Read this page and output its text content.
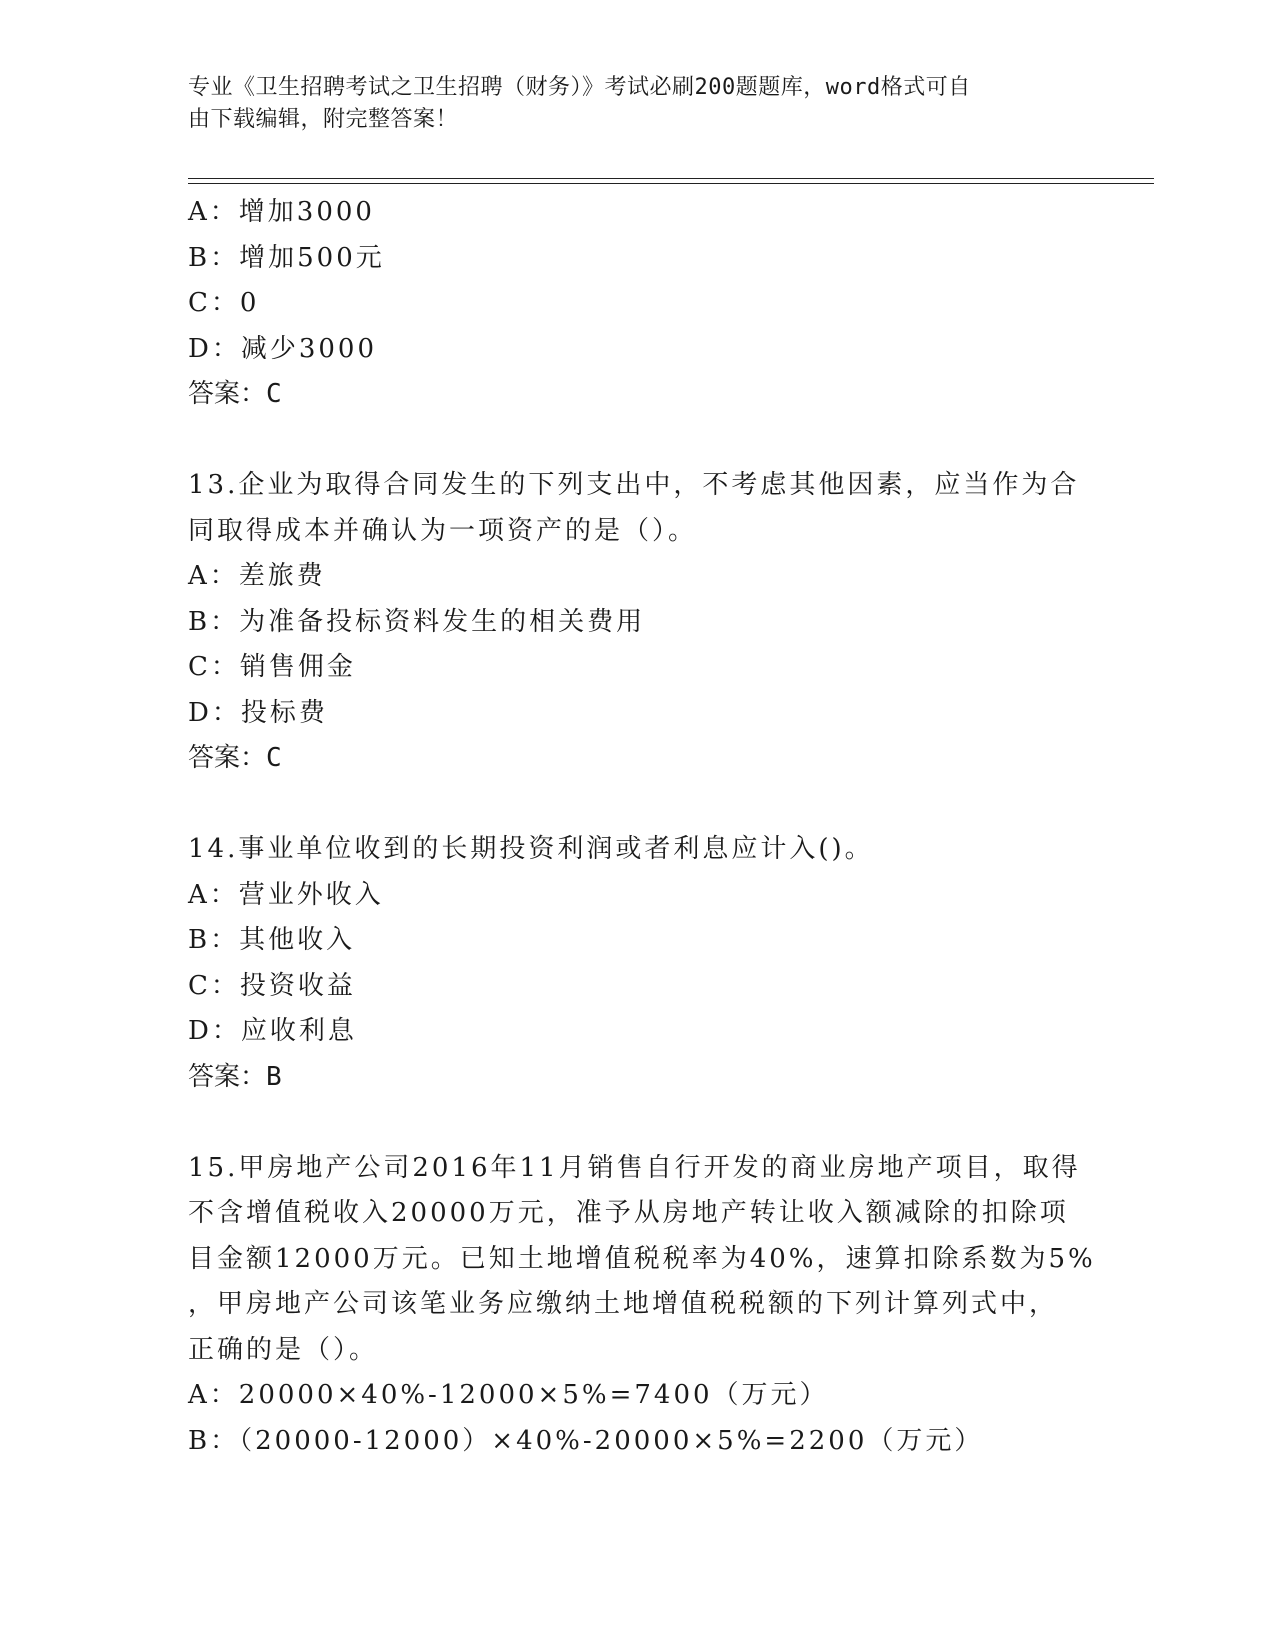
专业《卫生招聘考试之卫生招聘（财务）》考试必刷200题题库，word格式可自
由下载编辑，附完整答案！
A：增加3000
B：增加500元
C：0
D：减少3000
答案：C
13.企业为取得合同发生的下列支出中，不考虑其他因素，应当作为合
同取得成本并确认为一项资产的是（）。
A：差旅费
B：为准备投标资料发生的相关费用
C：销售佣金
D：投标费
答案：C
14.事业单位收到的长期投资利润或者利息应计入()。
A：营业外收入
B：其他收入
C：投资收益
D：应收利息
答案：B
15.甲房地产公司2016年11月销售自行开发的商业房地产项目，取得
不含增值税收入20000万元，准予从房地产转让收入额减除的扣除项
目金额12000万元。已知土地增值税税率为40%，速算扣除系数为5%
，甲房地产公司该笔业务应缴纳土地增值税税额的下列计算列式中，
正确的是（）。
A：20000×40%-12000×5%=7400（万元）
B：（20000-12000）×40%-20000×5%=2200（万元）
